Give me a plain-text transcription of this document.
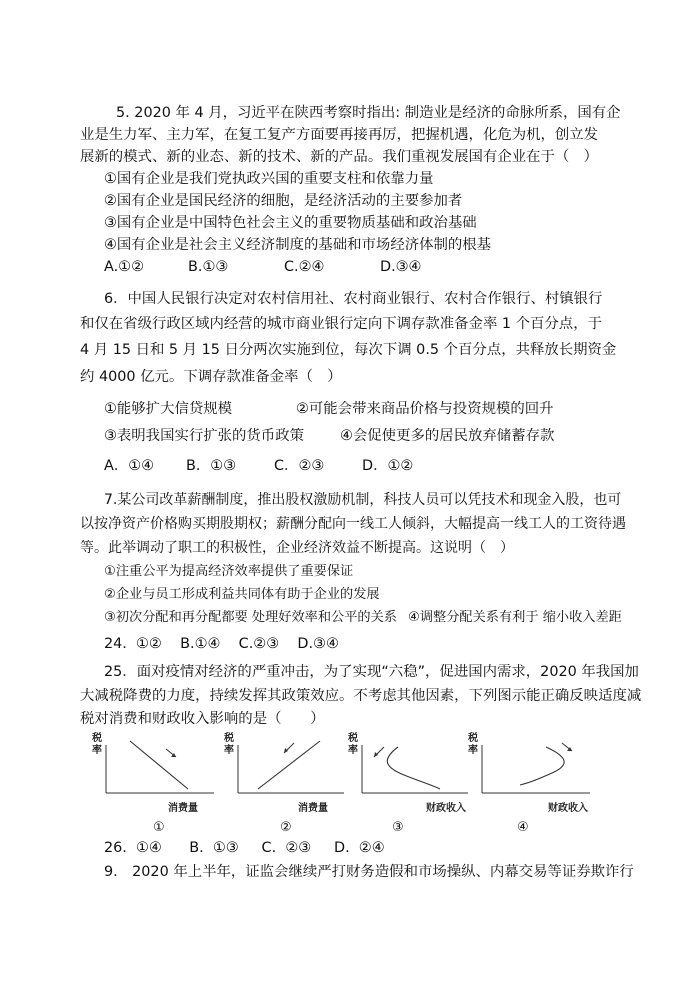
5. 2020 年 4 月，习近平在陕西考察时指出: 制造业是经济的命脉所系，国有企
业是生力军、主力军，在复工复产方面要再接再厉，把握机遇，化危为机，创立发
展新的模式、新的业态、新的技术、新的产品。我们重视发展国有企业在于（　）
①国有企业是我们党执政兴国的重要支柱和依靠力量
②国有企业是国民经济的细胞，是经济活动的主要参加者
③国有企业是中国特色社会主义的重要物质基础和政治基础
④国有企业是社会主义经济制度的基础和市场经济体制的根基
A.①②	B.①③	C.②④	D.③④
6．中国人民银行决定对农村信用社、农村商业银行、农村合作银行、村镇银行
和仅在省级行政区域内经营的城市商业银行定向下调存款准备金率 1 个百分点，于
4 月 15 日和 5 月 15 日分两次实施到位，每次下调 0.5 个百分点，共释放长期资金
约 4000 亿元。下调存款准备金率（　）
①能够扩大信贷规模	②可能会带来商品价格与投资规模的回升
③表明我国实行扩张的货币政策	④会促使更多的居民放弃储蓄存款
A．①④ B．①③	C．②③	D．①②
7.某公司改革薪酬制度，推出股权激励机制，科技人员可以凭技术和现金入股，也可
以按净资产价格购买期股期权；薪酬分配向一线工人倾斜，大幅提高一线工人的工资待遇
等。此举调动了职工的积极性，企业经济效益不断提高。这说明（　）
①注重公平为提高经济效率提供了重要保证
②企业与员工形成利益共同体有助于企业的发展
③初次分配和再分配都要 处理好效率和公平的关系 ④调整分配关系有利于 缩小收入差距
24.  ①②    B.①④    C.②③    D.③④
25．面对疫情对经济的严重冲击，为了实现“六稳”，促进国内需求，2020 年我国加
大减税降费的力度，持续发挥其政策效应。不考虑其他因素，下列图示能正确反映适度减
税对消费和财政收入影响的是（　　）
税
率
消费量
①
税
率
消费量
②
税
率
财政收入
③
税
率
财政收入
④
26.  ①④      B.  ①③     C.  ②③     D.  ②④
9.　2020 年上半年，证监会继续严打财务造假和市场操纵、内幕交易等证券欺诈行
